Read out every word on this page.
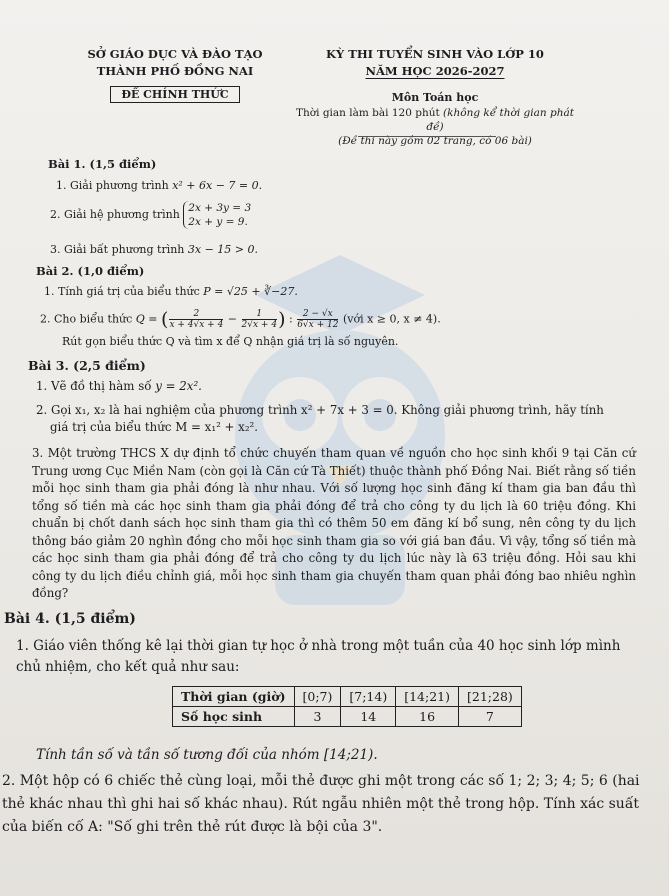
SỞ GIÁO DỤC VÀ ĐÀO TẠO
THÀNH PHỐ ĐỒNG NAI
ĐỀ CHÍNH THỨC
KỲ THI TUYỂN SINH VÀO LỚP 10
NĂM HỌC 2026-2027
Môn Toán học
Thời gian làm bài 120 phút (không kể thời gian phát đề)
(Đề thi này gồm 02 trang, có 06 bài)
Bài 1. (1,5 điểm)
1. Giải phương trình x² + 6x − 7 = 0.
2. Giải hệ phương trình 2x + 3y = 3
2x + y = 9.
3. Giải bất phương trình 3x − 15 > 0.
Bài 2. (1,0 điểm)
1. Tính giá trị của biểu thức P = √25 + ∛−27.
2. Cho biểu thức Q = ( $\frac{2}{x + 4√x + 4} - \frac{1}{2√x + 4}$ ) : $\frac{2 - √x}{6√x + 12}$ (với x ≥ 0, x ≠ 4).
Rút gọn biểu thức Q và tìm x để Q nhận giá trị là số nguyên.
Bài 3. (2,5 điểm)
1. Vẽ đồ thị hàm số y = 2x².
2. Gọi x₁, x₂ là hai nghiệm của phương trình x² + 7x + 3 = 0. Không giải phương trình, hãy tính
giá trị của biểu thức M = x₁² + x₂².
3. Một trường THCS X dự định tổ chức chuyến tham quan về nguồn cho học sinh khối 9 tại Căn cứ Trung ương Cục Miền Nam (còn gọi là Căn cứ Tà Thiết) thuộc thành phố Đồng Nai. Biết rằng số tiền mỗi học sinh tham gia phải đóng là như nhau. Với số lượng học sinh đăng kí tham gia ban đầu thì tổng số tiền mà các học sinh tham gia phải đóng để trả cho công ty du lịch là 60 triệu đồng. Khi chuẩn bị chốt danh sách học sinh tham gia thì có thêm 50 em đăng kí bổ sung, nên công ty du lịch thông báo giảm 20 nghìn đồng cho mỗi học sinh tham gia so với giá ban đầu. Vì vậy, tổng số tiền mà các học sinh tham gia phải đóng để trả cho công ty du lịch lúc này là 63 triệu đồng. Hỏi sau khi công ty du lịch điều chỉnh giá, mỗi học sinh tham gia chuyến tham quan phải đóng bao nhiêu nghìn đồng?
Bài 4. (1,5 điểm)
1. Giáo viên thống kê lại thời gian tự học ở nhà trong một tuần của 40 học sinh lớp mình chủ nhiệm, cho kết quả như sau:
Thời gian (giờ)	[0;7)	[7;14)	[14;21)	[21;28)
Số học sinh	3	14	16	7
Tính tần số và tần số tương đối của nhóm [14;21).
2. Một hộp có 6 chiếc thẻ cùng loại, mỗi thẻ được ghi một trong các số 1; 2; 3; 4; 5; 6 (hai thẻ khác nhau thì ghi hai số khác nhau). Rút ngẫu nhiên một thẻ trong hộp. Tính xác suất của biến cố A: "Số ghi trên thẻ rút được là bội của 3".
